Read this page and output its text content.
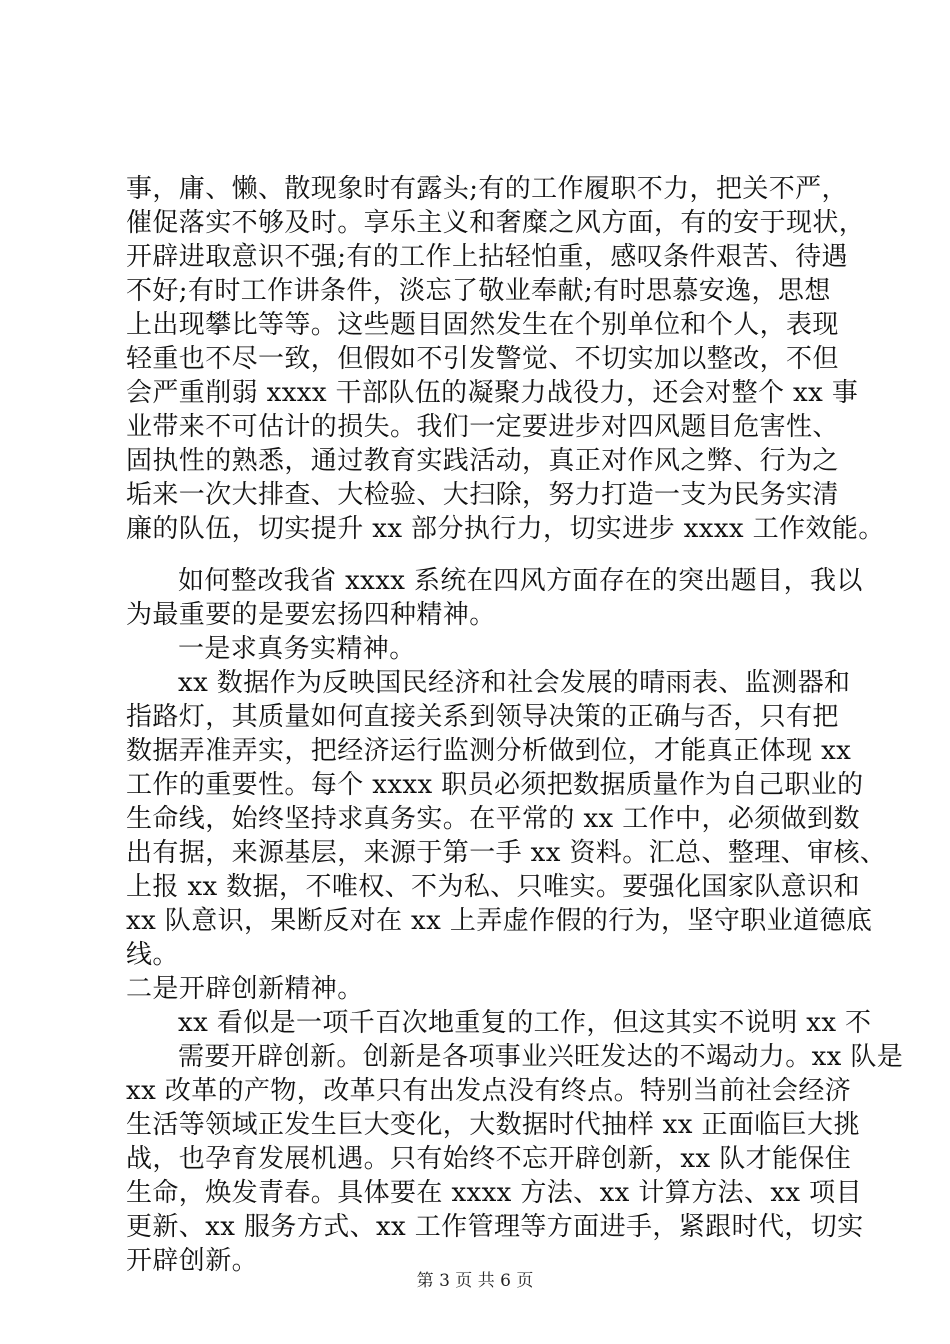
事，庸、懒、散现象时有露头;有的工作履职不力，把关不严，
催促落实不够及时。享乐主义和奢糜之风方面，有的安于现状，
开辟进取意识不强;有的工作上拈轻怕重，感叹条件艰苦、待遇
不好;有时工作讲条件，淡忘了敬业奉献;有时思慕安逸，思想
上出现攀比等等。这些题目固然发生在个别单位和个人，表现
轻重也不尽一致，但假如不引发警觉、不切实加以整改，不但
会严重削弱 xxxx 干部队伍的凝聚力战役力，还会对整个 xx 事
业带来不可估计的损失。我们一定要进步对四风题目危害性、
固执性的熟悉，通过教育实践活动，真正对作风之弊、行为之
垢来一次大排查、大检验、大扫除，努力打造一支为民务实清
廉的队伍，切实提升 xx 部分执行力，切实进步 xxxx 工作效能。
如何整改我省 xxxx 系统在四风方面存在的突出题目，我以
为最重要的是要宏扬四种精神。
一是求真务实精神。
xx 数据作为反映国民经济和社会发展的晴雨表、监测器和
指路灯，其质量如何直接关系到领导决策的正确与否，只有把
数据弄准弄实，把经济运行监测分析做到位，才能真正体现 xx
工作的重要性。每个 xxxx 职员必须把数据质量作为自己职业的
生命线，始终坚持求真务实。在平常的 xx 工作中，必须做到数
出有据，来源基层，来源于第一手 xx 资料。汇总、整理、审核、
上报 xx 数据，不唯权、不为私、只唯实。要强化国家队意识和
xx 队意识，果断反对在 xx 上弄虚作假的行为，坚守职业道德底
线。
二是开辟创新精神。
xx 看似是一项千百次地重复的工作，但这其实不说明 xx 不
需要开辟创新。创新是各项事业兴旺发达的不竭动力。xx 队是
xx 改革的产物，改革只有出发点没有终点。特别当前社会经济
生活等领域正发生巨大变化，大数据时代抽样 xx 正面临巨大挑
战，也孕育发展机遇。只有始终不忘开辟创新，xx 队才能保住
生命，焕发青春。具体要在 xxxx 方法、xx 计算方法、xx 项目
更新、xx 服务方式、xx 工作管理等方面进手，紧跟时代，切实
开辟创新。
第 3 页 共 6 页
